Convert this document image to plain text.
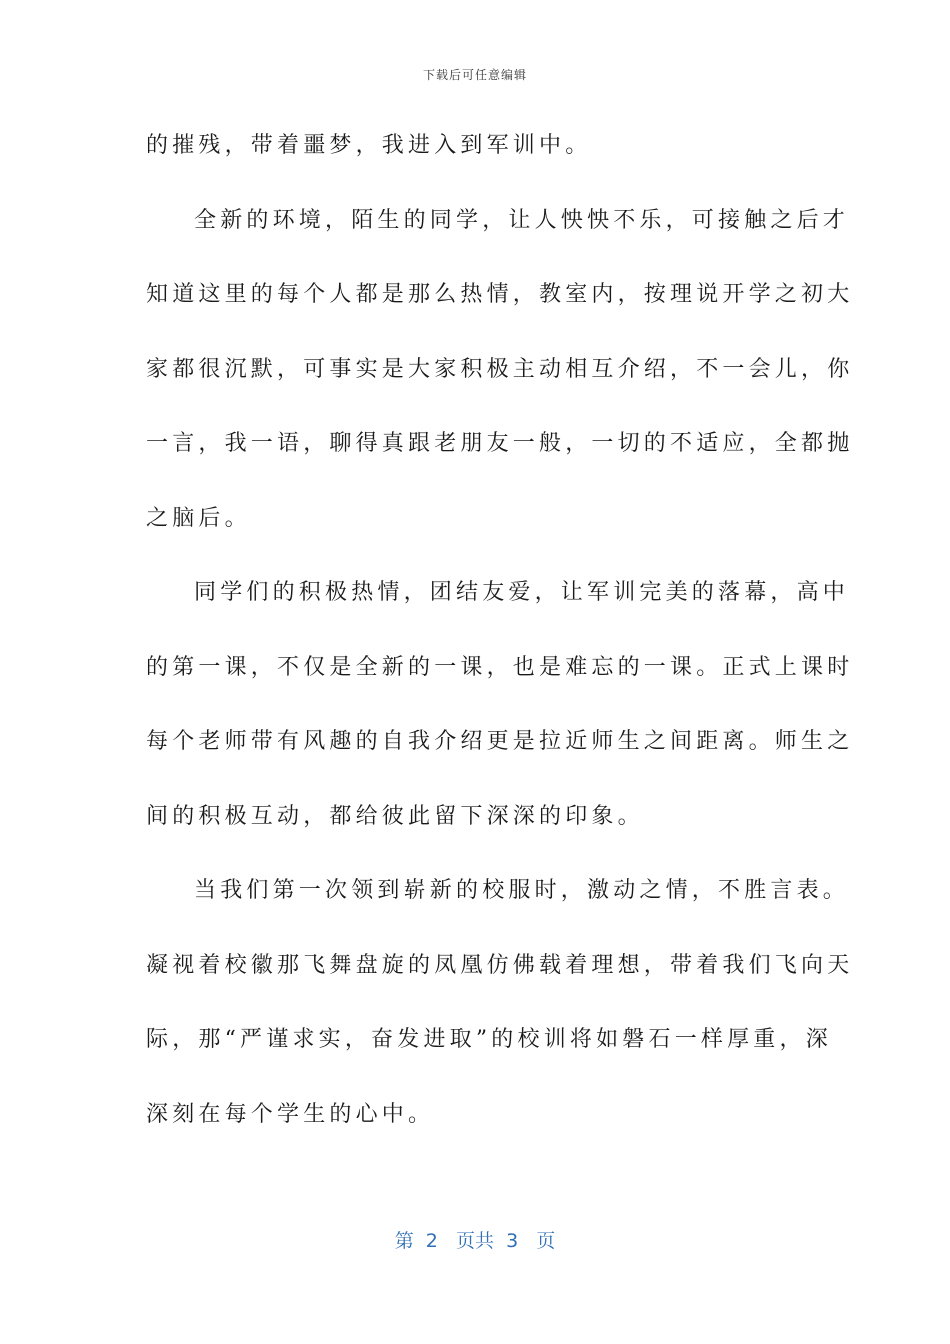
下载后可任意编辑
的摧残，带着噩梦，我进入到军训中。
全新的环境，陌生的同学，让人怏怏不乐，可接触之后才
知道这里的每个人都是那么热情，教室内，按理说开学之初大
家都很沉默，可事实是大家积极主动相互介绍，不一会儿，你
一言，我一语，聊得真跟老朋友一般，一切的不适应，全都抛
之脑后。
同学们的积极热情，团结友爱，让军训完美的落幕，高中
的第一课，不仅是全新的一课，也是难忘的一课。正式上课时
每个老师带有风趣的自我介绍更是拉近师生之间距离。师生之
间的积极互动，都给彼此留下深深的印象。
当我们第一次领到崭新的校服时，激动之情，不胜言表。
凝视着校徽那飞舞盘旋的凤凰仿佛载着理想，带着我们飞向天
际，那“严谨求实，奋发进取”的校训将如磐石一样厚重，深
深刻在每个学生的心中。
第  2   页共  3   页
